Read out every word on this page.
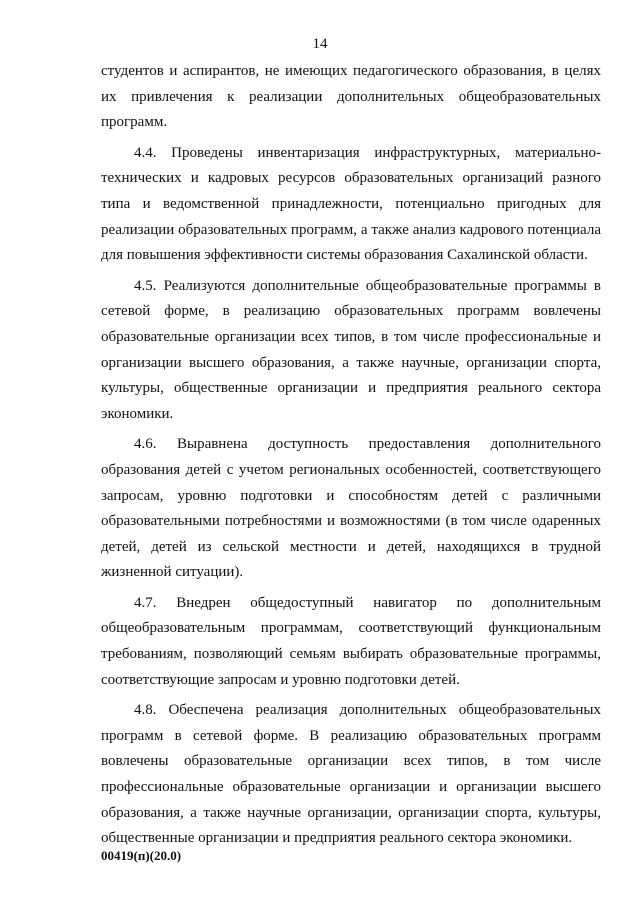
14

студентов и аспирантов, не имеющих педагогического образования, в целях их привлечения к реализации дополнительных общеобразовательных программ.

4.4. Проведены инвентаризация инфраструктурных, материально-технических и кадровых ресурсов образовательных организаций разного типа и ведомственной принадлежности, потенциально пригодных для реализации образовательных программ, а также анализ кадрового потенциала для повышения эффективности системы образования Сахалинской области.

4.5. Реализуются дополнительные общеобразовательные программы в сетевой форме, в реализацию образовательных программ вовлечены образовательные организации всех типов, в том числе профессиональные и организации высшего образования, а также научные, организации спорта, культуры, общественные организации и предприятия реального сектора экономики.

4.6. Выравнена доступность предоставления дополнительного образования детей с учетом региональных особенностей, соответствующего запросам, уровню подготовки и способностям детей с различными образовательными потребностями и возможностями (в том числе одаренных детей, детей из сельской местности и детей, находящихся в трудной жизненной ситуации).

4.7. Внедрен общедоступный навигатор по дополнительным общеобразовательным программам, соответствующий функциональным требованиям, позволяющий семьям выбирать образовательные программы, соответствующие запросам и уровню подготовки детей.

4.8. Обеспечена реализация дополнительных общеобразовательных программ в сетевой форме. В реализацию образовательных программ вовлечены образовательные организации всех типов, в том числе профессиональные образовательные организации и организации высшего образования, а также научные организации, организации спорта, культуры, общественные организации и предприятия реального сектора экономики.

00419(п)(20.0)
